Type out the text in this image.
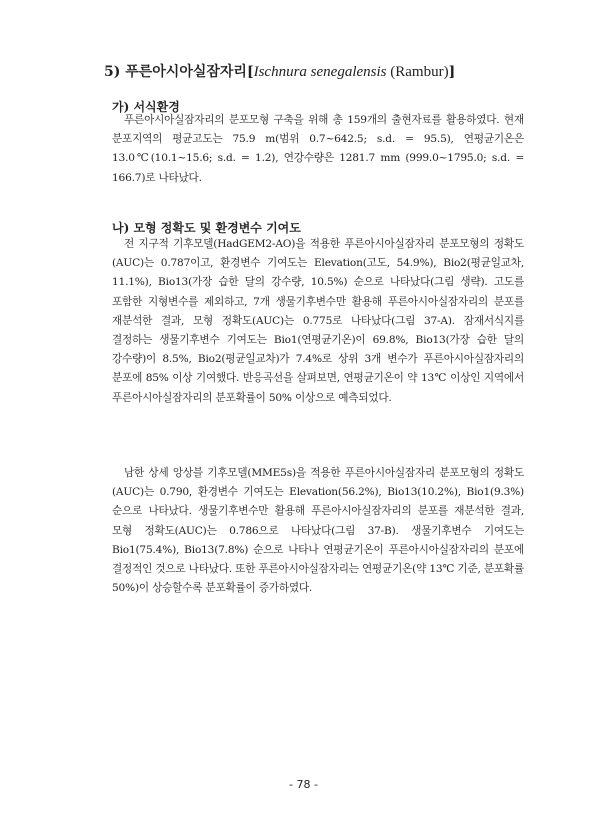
5) 푸른아시아실잠자리[Ischnura senegalensis (Rambur)]
가) 서식환경

푸른아시아실잠자리의 분포모형 구축을 위해 총 159개의 출현자료를 활용하였다. 현재 분포지역의 평균고도는 75.9 m(범위 0.7~642.5; s.d. = 95.5), 연평균기온은 13.0℃(10.1~15.6; s.d. = 1.2), 연강수량은 1281.7 mm (999.0~1795.0; s.d. = 166.7)로 나타났다.

나) 모형 정확도 및 환경변수 기여도

전 지구적 기후모델(HadGEM2-AO)을 적용한 푸른아시아실잠자리 분포모형의 정확도(AUC)는 0.787이고, 환경변수 기여도는 Elevation(고도, 54.9%), Bio2(평균일교차, 11.1%), Bio13(가장 습한 달의 강수량, 10.5%) 순으로 나타났다(그림 생략). 고도를 포함한 지형변수를 제외하고, 7개 생물기후변수만 활용해 푸른아시아실잠자리의 분포를 재분석한 결과, 모형 정확도(AUC)는 0.775로 나타났다(그림 37-A). 잠재서식지를 결정하는 생물기후변수 기여도는 Bio1(연평균기온)이 69.8%, Bio13(가장 습한 달의 강수량)이 8.5%, Bio2(평균일교차)가 7.4%로 상위 3개 변수가 푸른아시아실잠자리의 분포에 85% 이상 기여했다. 반응곡선을 살펴보면, 연평균기온이 약 13℃ 이상인 지역에서 푸른아시아실잠자리의 분포확률이 50% 이상으로 예측되었다.

남한 상세 앙상블 기후모델(MME5s)을 적용한 푸른아시아실잠자리 분포모형의 정확도(AUC)는 0.790, 환경변수 기여도는 Elevation(56.2%), Bio13(10.2%), Bio1(9.3%) 순으로 나타났다. 생물기후변수만 활용해 푸른아시아실잠자리의 분포를 재분석한 결과, 모형 정확도(AUC)는 0.786으로 나타났다(그림 37-B). 생물기후변수 기여도는 Bio1(75.4%), Bio13(7.8%) 순으로 나타나 연평균기온이 푸른아시아실잠자리의 분포에 결정적인 것으로 나타났다. 또한 푸른아시아실잠자리는 연평균기온(약 13℃ 기준, 분포확률 50%)이 상승할수록 분포확률이 증가하였다.

- 78 -
